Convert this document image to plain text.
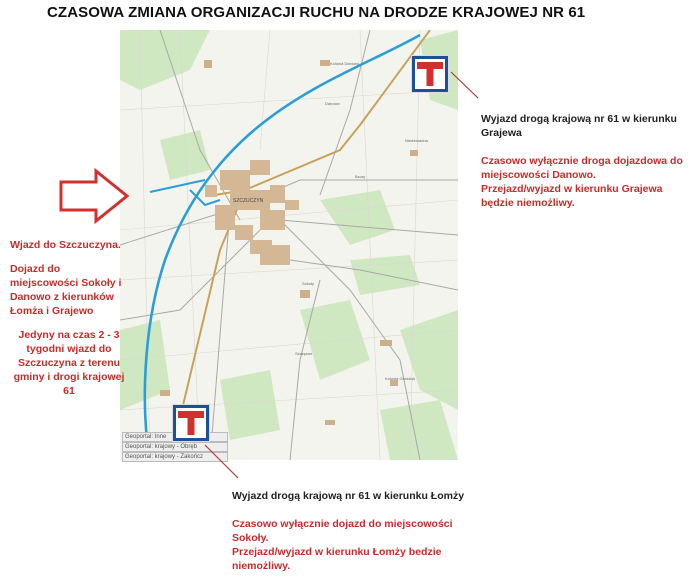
CZASOWA ZMIANA ORGANIZACJI RUCHU NA DRODZE KRAJOWEJ NR 61
SZCZUCZYN
Sokoły
Danowo
Bzury
Niedźwiadna
Kolonia Danowo
Szczęsne
Kolonia Grodzisk
Geoportal: Inne
Geoportal: krajowy - Obręb
Geoportal: krajowy - Zakończ

Wjazd do Szczuczyna.

Dojazd do miejscowości Sokoły i Danowo z kierunków Łomża i Grajewo

Jedyny na czas 2 - 3 tygodni wjazd do Szczuczyna z terenu gminy i drogi krajowej 61

Wyjazd drogą krajową nr 61 w kierunku Grajewa

Czasowo wyłącznie droga dojazdowa do miejscowości Danowo.

Przejazd/wyjazd w kierunku Grajewa będzie niemożliwy.

Wyjazd drogą krajową nr 61 w kierunku Łomży

Czasowo wyłącznie dojazd do miejscowości Sokoły.

Przejazd/wyjazd w kierunku Łomży bedzie niemożliwy.
